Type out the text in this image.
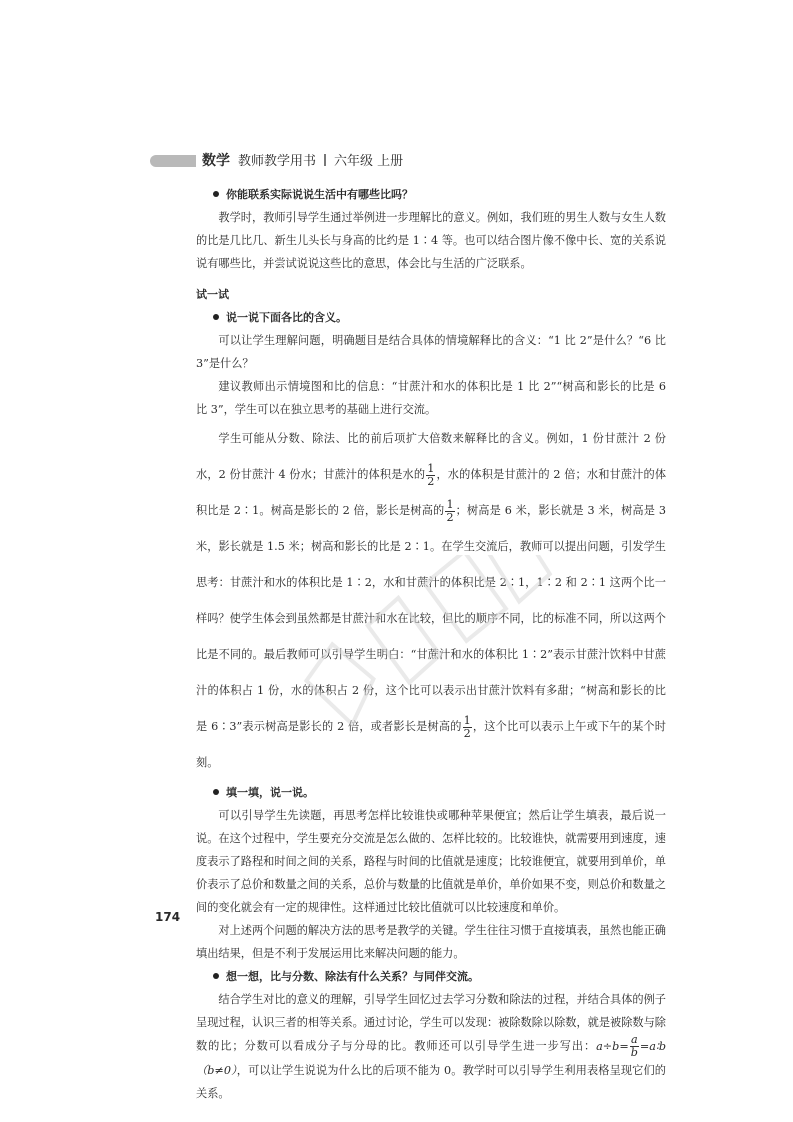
数学 教师教学用书 六年级 上册

你能联系实际说说生活中有哪些比吗？

教学时，教师引导学生通过举例进一步理解比的意义。例如，我们班的男生人数与女生人数的比是几比几、新生儿头长与身高的比约是 1∶4 等。也可以结合图片像不像中长、宽的关系说说有哪些比，并尝试说说这些比的意思，体会比与生活的广泛联系。

试一试

说一说下面各比的含义。

可以让学生理解问题，明确题目是结合具体的情境解释比的含义：“1 比 2”是什么？“6 比 3”是什么？

建议教师出示情境图和比的信息：“甘蔗汁和水的体积比是 1 比 2”“树高和影长的比是 6 比 3”，学生可以在独立思考的基础上进行交流。

学生可能从分数、除法、比的前后项扩大倍数来解释比的含义。例如，1 份甘蔗汁 2 份水，2 份甘蔗汁 4 份水；甘蔗汁的体积是水的 $\frac{1}{2}$ ，水的体积是甘蔗汁的 2 倍；水和甘蔗汁的体积比是 2∶1。树高是影长的 2 倍，影长是树高的 $\frac{1}{2}$ ；树高是 6 米，影长就是 3 米，树高是 3 米，影长就是 1.5 米；树高和影长的比是 2∶1。在学生交流后，教师可以提出问题，引发学生思考：甘蔗汁和水的体积比是 1∶2，水和甘蔗汁的体积比是 2∶1，1∶2 和 2∶1 这两个比一样吗？使学生体会到虽然都是甘蔗汁和水在比较，但比的顺序不同，比的标准不同，所以这两个比是不同的。最后教师可以引导学生明白：“甘蔗汁和水的体积比 1∶2”表示甘蔗汁饮料中甘蔗汁的体积占 1 份，水的体积占 2 份，这个比可以表示出甘蔗汁饮料有多甜；“树高和影长的比是 6∶3”表示树高是影长的 2 倍，或者影长是树高的 $\frac{1}{2}$ ，这个比可以表示上午或下午的某个时刻。

填一填，说一说。

可以引导学生先读题，再思考怎样比较谁快或哪种苹果便宜；然后让学生填表，最后说一说。在这个过程中，学生要充分交流是怎么做的、怎样比较的。比较谁快，就需要用到速度，速度表示了路程和时间之间的关系，路程与时间的比值就是速度；比较谁便宜，就要用到单价，单价表示了总价和数量之间的关系，总价与数量的比值就是单价，单价如果不变，则总价和数量之间的变化就会有一定的规律性。这样通过比较比值就可以比较速度和单价。

对上述两个问题的解决方法的思考是教学的关键。学生往往习惯于直接填表，虽然也能正确填出结果，但是不利于发展运用比来解决问题的能力。

想一想，比与分数、除法有什么关系？与同伴交流。

结合学生对比的意义的理解，引导学生回忆过去学习分数和除法的过程，并结合具体的例子呈现过程，认识三者的相等关系。通过讨论，学生可以发现：被除数除以除数，就是被除数与除数的比；分数可以看成分子与分母的比。教师还可以引导学生进一步写出：$a\div b= \frac{a}{b}$ =a∶b（b≠0），可以让学生说说为什么比的后项不能为 0。教学时可以引导学生利用表格呈现它们的关系。

174
